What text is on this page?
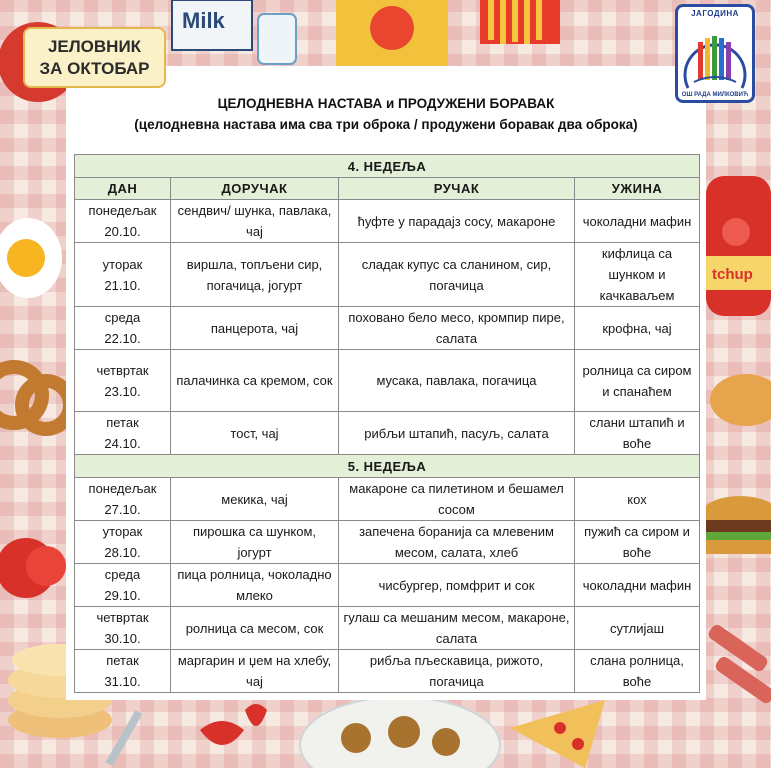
Milk
tchup
ЈЕЛОВНИК
ЗА ОКТОБАР
ЈАГОДИНА
ОШ РАДА МИЛКОВИЋ
ЦЕЛОДНЕВНА НАСТАВА и ПРОДУЖЕНИ БОРАВАК
(целодневна настава има сва три оброка / продужени боравак два оброка)
4. НЕДЕЉА			
ДАН	ДОРУЧАК	РУЧАК	УЖИНА

понедељак
20.10.	сендвич/ шунка, павлака, чај	ћуфте у парадајз сосу, макароне	чоколадни мафин

уторак
21.10.	виршла, топљени сир, погачица, јогурт	сладак купус са сланином, сир, погачица	кифлица са шунком и качкаваљем

среда
22.10.	панцерота, чај	поховано бело месо, кромпир пире, салата	крофна, чај

четвртак
23.10.	палачинка са кремом, сок	мусака, павлака, погачица	ролница са сиром и спанаћем

петак
24.10.	тост, чај	рибљи штапић, пасуљ, салата	слани штапић и воће
5. НЕДЕЉА			

понедељак
27.10.	мекика, чај	макароне са пилетином и бешамел сосом	кох

уторак
28.10.	пирошка са шунком, јогурт	запечена боранија са млевеним месом, салата, хлеб	пужић са сиром и воће

среда
29.10.	пица ролница, чоколадно млеко	чисбургер, помфрит и сок	чоколадни мафин

четвртак
30.10.	ролница са месом, сок	гулаш са мешаним месом, макароне, салата	сутлијаш

петак
31.10.	маргарин и џем на хлебу, чај	рибља пљескавица, рижото, погачица	слана ролница, воће
